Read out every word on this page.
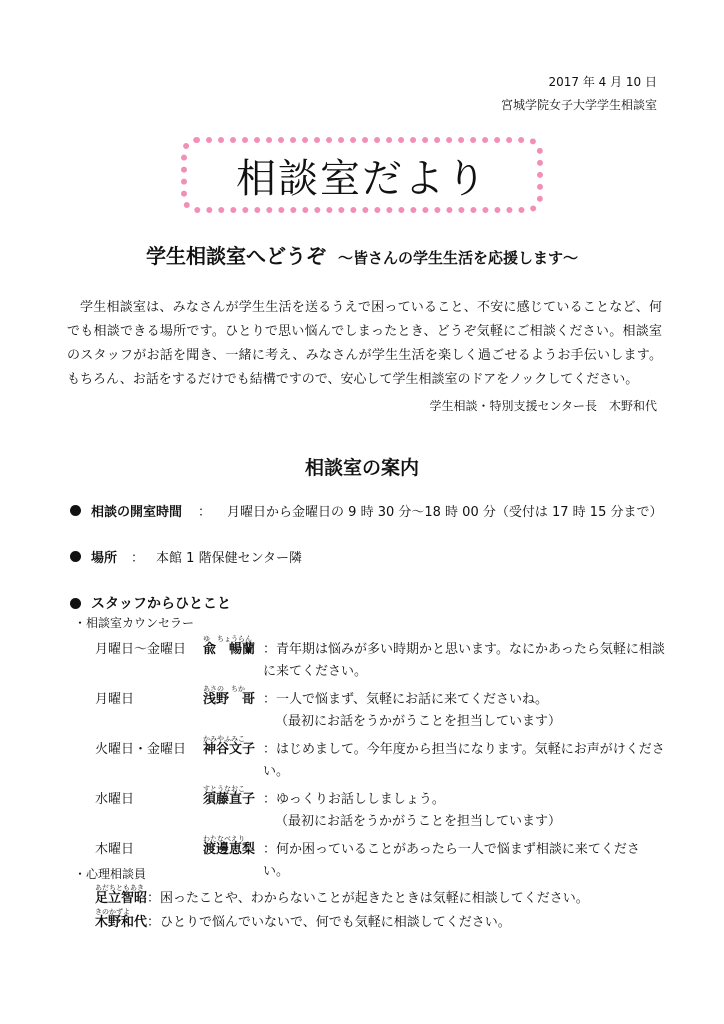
2017 年 4 月 10 日
宮城学院女子大学学生相談室
相談室だより
学生相談室へどうぞ ～皆さんの学生生活を応援します～

学生相談室は、みなさんが学生生活を送るうえで困っていること、不安に感じていることなど、何でも相談できる場所です。ひとりで思い悩んでしまったとき、どうぞ気軽にご相談ください。相談室のスタッフがお話を聞き、一緒に考え、みなさんが学生生活を楽しく過ごせるようお手伝いします。もちろん、お話をするだけでも結構ですので、安心して学生相談室のドアをノックしてください。

学生相談・特別支援センター長　木野和代
相談室の案内
相談の開室時間 ： 月曜日から金曜日の 9 時 30 分～18 時 00 分（受付は 17 時 15 分まで）
場所 ： 本館 1 階保健センター隣
スタッフからひとこと
・相談室カウンセラー
月曜日～金曜日
ゆ　ちょうらん
兪　暢蘭 ：青年期は悩みが多い時期かと思います。なにかあったら気軽に相談に来てください。
月曜日
あさの　ちか
浅野　哥 ：一人で悩まず、気軽にお話に来てくださいね。
（最初にお話をうかがうことを担当しています）
火曜日・金曜日
かみやふみこ
神谷文子 ：はじめまして。今年度から担当になります。気軽にお声がけください。
水曜日
すとうなおこ
須藤直子 ：ゆっくりお話ししましょう。
（最初にお話をうかがうことを担当しています）
木曜日
わたなべえり
渡邊恵梨 ：何か困っていることがあったら一人で悩まず相談に来てください。
・心理相談員
あだちともあき
足立智昭 ：困ったことや、わからないことが起きたときは気軽に相談してください。
きのかずよ
木野和代 ：ひとりで悩んでいないで、何でも気軽に相談してください。
